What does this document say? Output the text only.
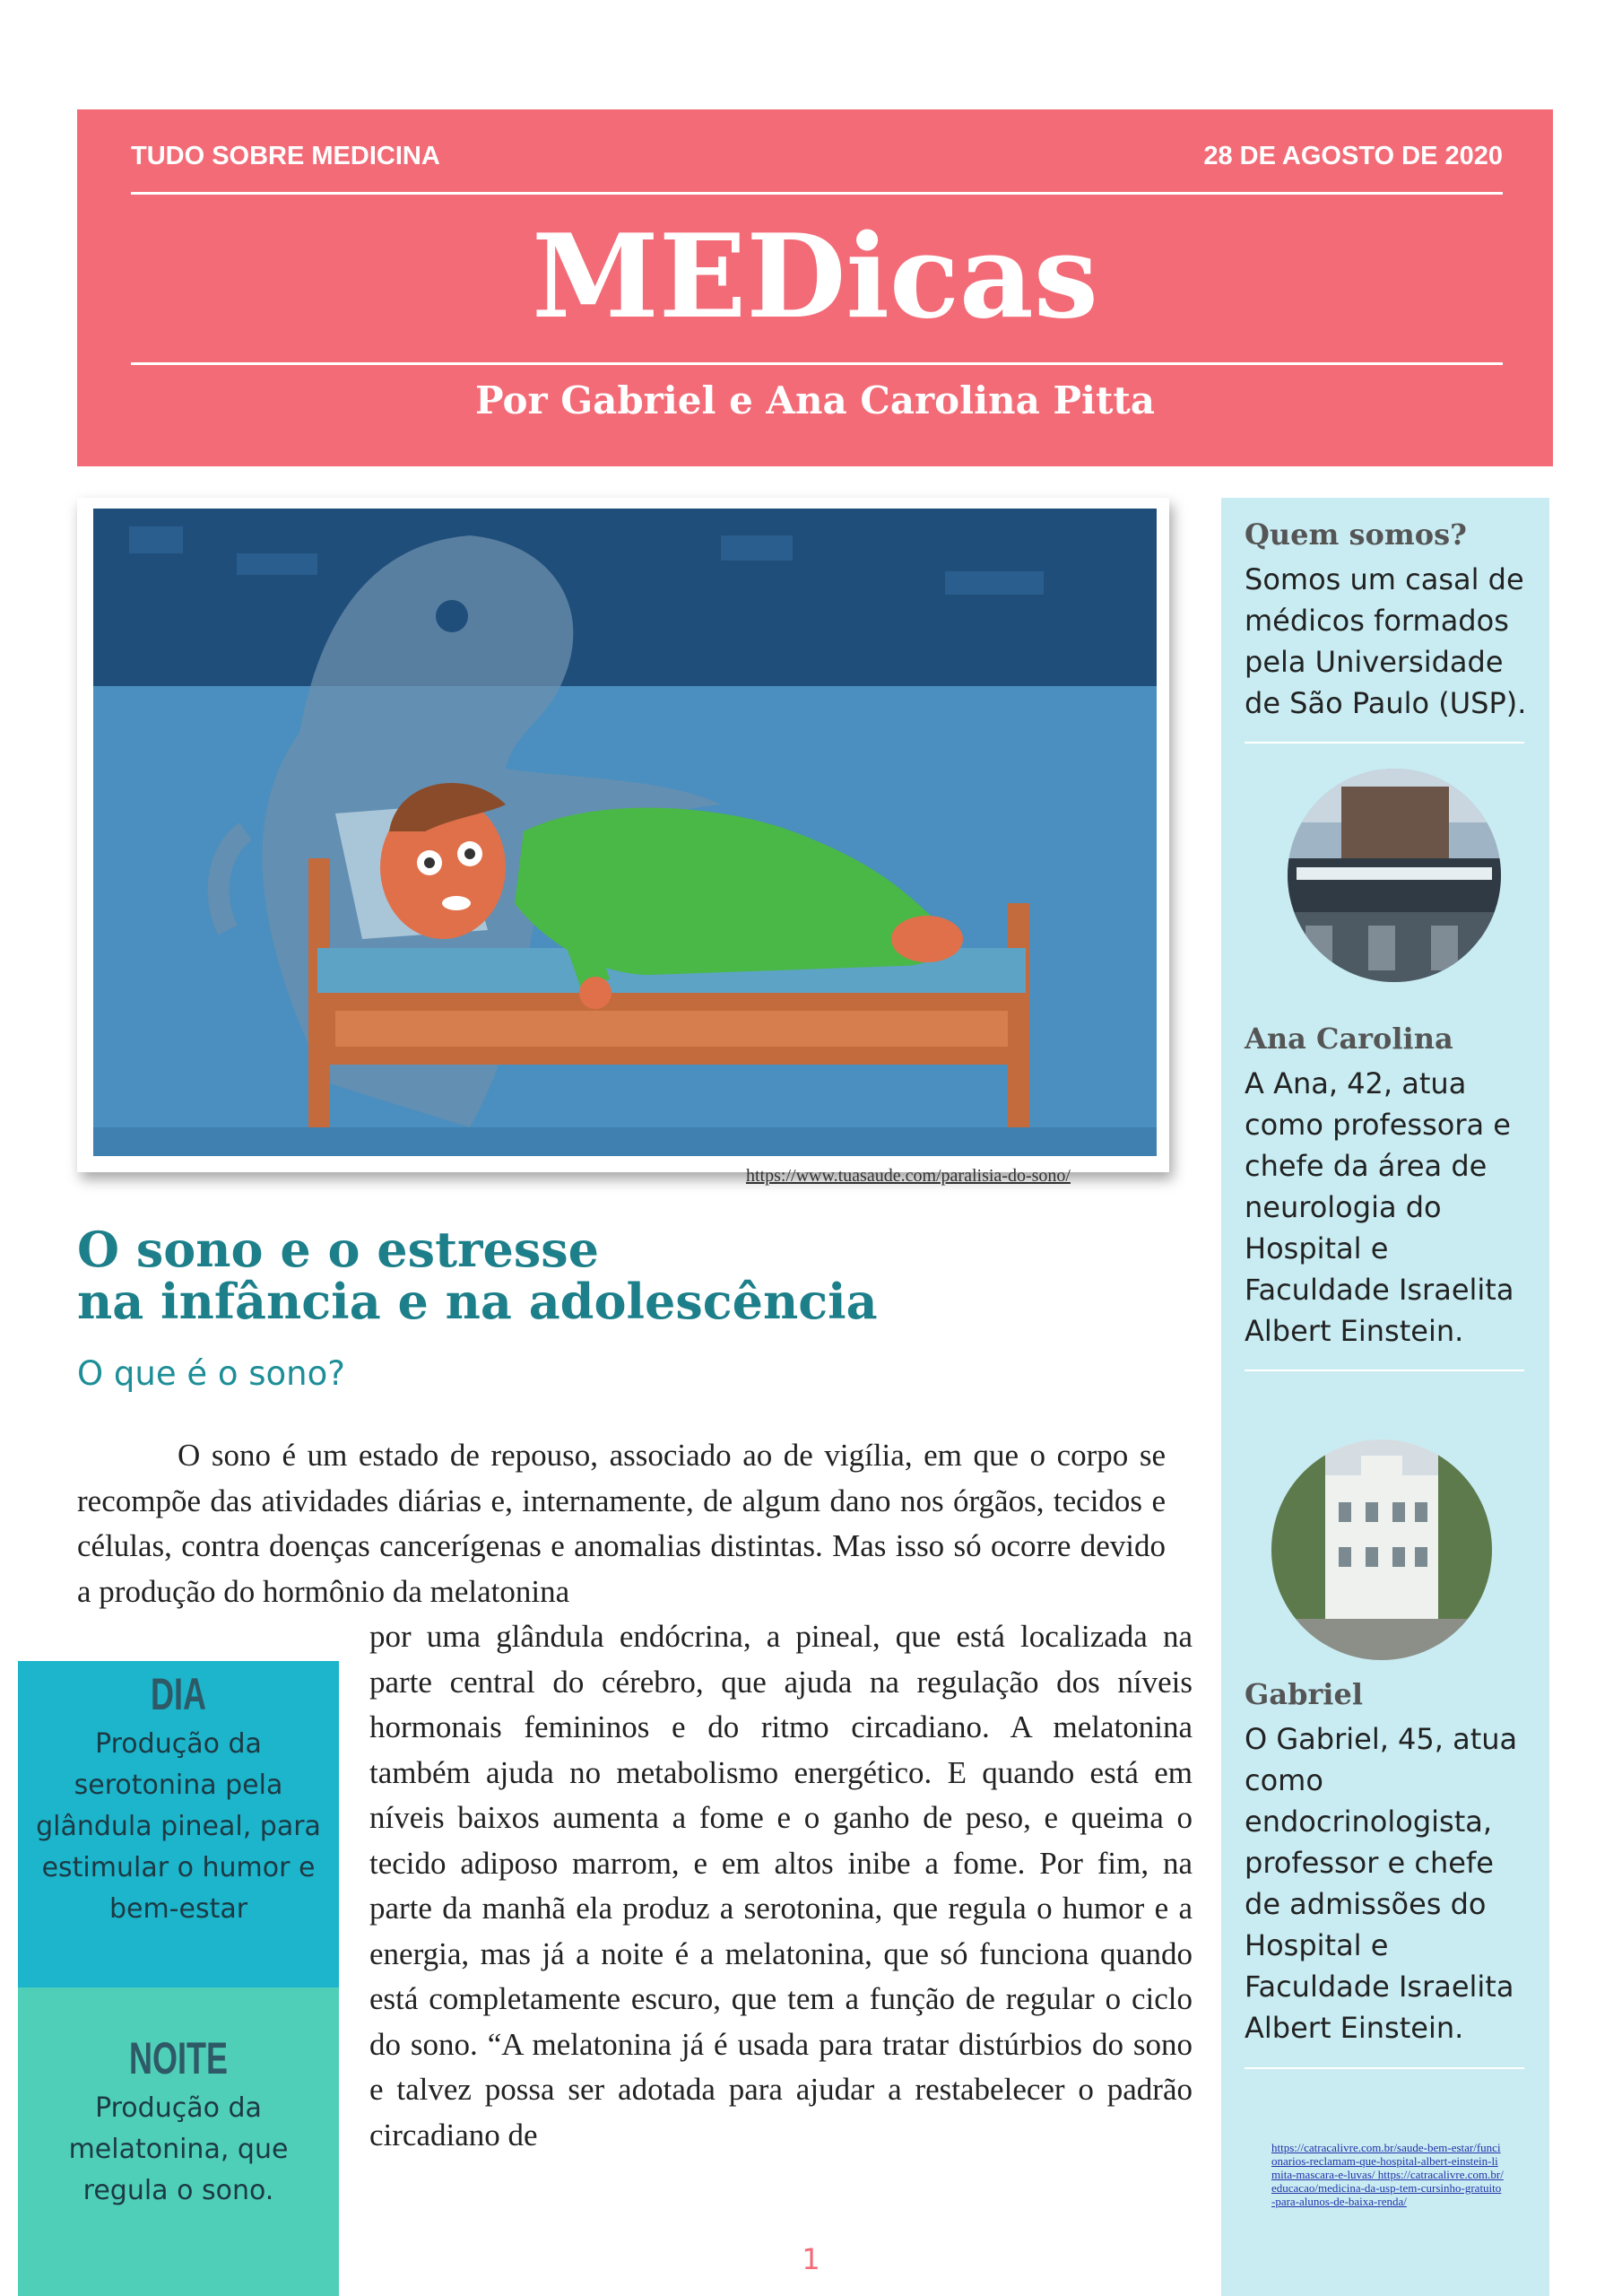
TUDO SOBRE MEDICINA	28 DE AGOSTO DE 2020
MEDicas
Por Gabriel e Ana Carolina Pitta
https://www.tuasaude.com/paralisia-do-sono/
O sono e o estresse
na infância e na adolescência
O que é o sono?
O sono é um estado de repouso, associado ao de vigília, em que o corpo se recompõe das atividades diárias e, internamente, de algum dano nos órgãos, tecidos e células, contra doenças cancerígenas e anomalias distintas. Mas isso só ocorre devido a produção do hormônio da melatonina
por uma glândula endócrina, a pineal, que está localizada na parte central do cérebro, que ajuda na regulação dos níveis hormonais femininos e do ritmo circadiano. A melatonina também ajuda no metabolismo energético. E quando está em níveis baixos aumenta a fome e o ganho de peso, e queima o tecido adiposo marrom, e em altos inibe a fome. Por fim, na parte da manhã ela produz a serotonina, que regula o humor e a energia, mas já a noite é a melatonina, que só funciona quando está completamente escuro, que tem a função de regular o ciclo do sono. “A melatonina já é usada para tratar distúrbios do sono e talvez possa ser adotada para ajudar a restabelecer o padrão circadiano de
DIA
Produção da serotonina pela glândula pineal, para estimular o humor e bem-estar
NOITE
Produção da melatonina, que regula o sono.
Quem somos?
Somos um casal de médicos formados pela Universidade de São Paulo (USP).
Ana Carolina
A Ana, 42, atua como professora e chefe da área de neurologia do Hospital e Faculdade Israelita Albert Einstein.
Gabriel
O Gabriel, 45, atua como endocrinologista, professor e chefe de admissões do Hospital e Faculdade Israelita Albert Einstein.
https://catracalivre.com.br/saude-bem-estar/funcionarios-reclamam-que-hospital-albert-einstein-limita-mascara-e-luvas/ https://catracalivre.com.br/educacao/medicina-da-usp-tem-cursinho-gratuito-para-alunos-de-baixa-renda/
1
